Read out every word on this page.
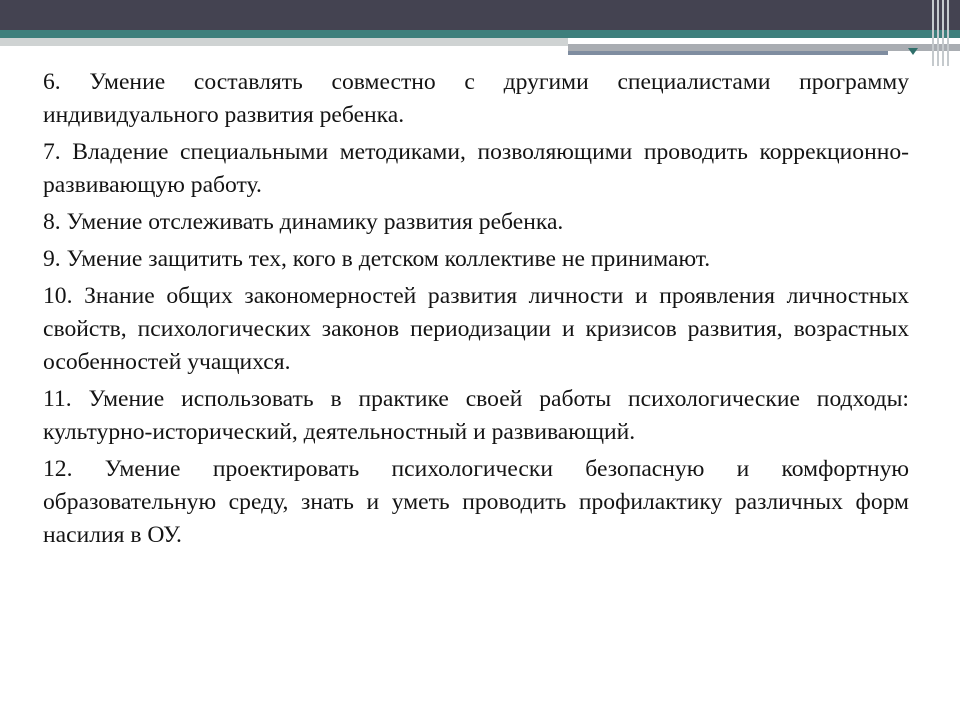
6. Умение составлять совместно с другими специалистами программу индивидуального развития ребенка.

7. Владение специальными методиками, позволяющими проводить коррекционно-развивающую работу.

8. Умение отслеживать динамику развития ребенка.

9. Умение защитить тех, кого в детском коллективе не принимают.

10. Знание общих закономерностей развития личности и проявления личностных свойств, психологических законов периодизации и кризисов развития, возрастных особенностей учащихся.

11. Умение использовать в практике своей работы психологические подходы: культурно-исторический, деятельностный и развивающий.

12. Умение проектировать психологически безопасную и комфортную образовательную среду, знать и уметь проводить профилактику различных форм насилия в ОУ.
